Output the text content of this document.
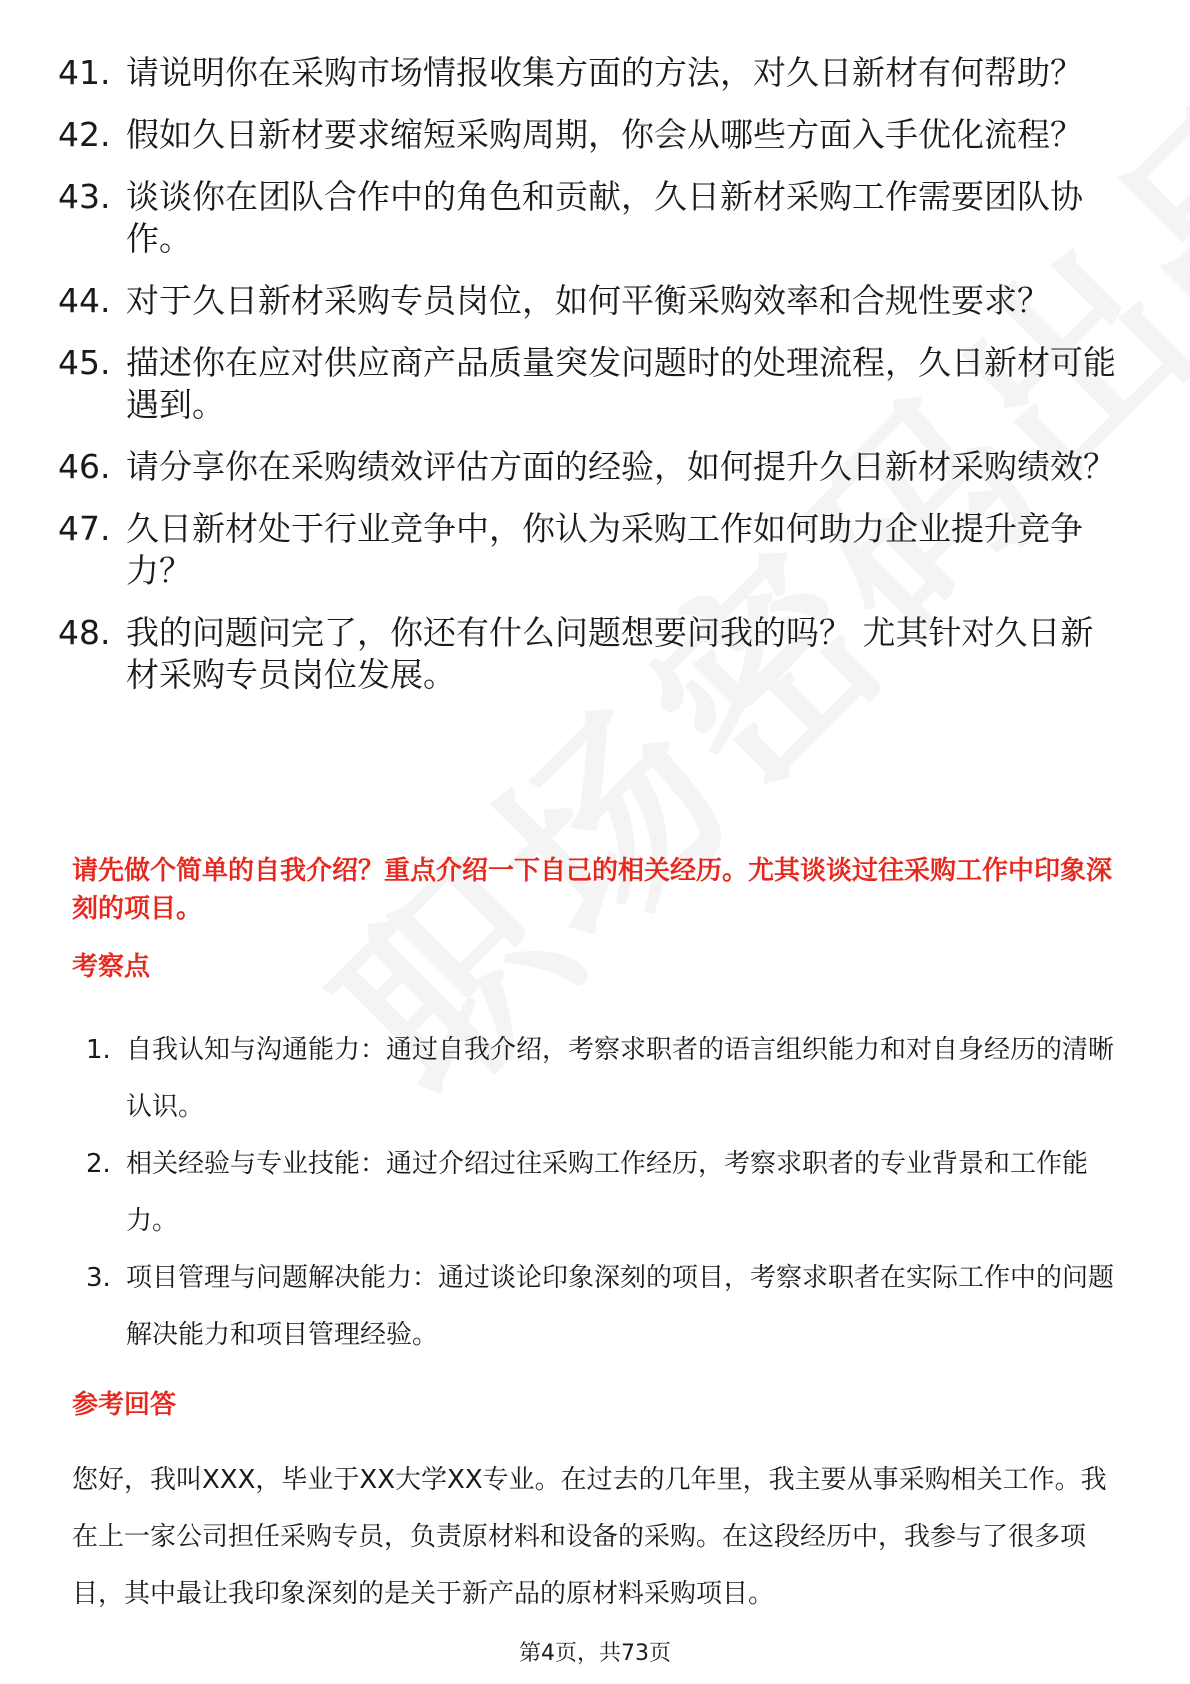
41. 请说明你在采购市场情报收集方面的方法，对久日新材有何帮助？
42. 假如久日新材要求缩短采购周期，你会从哪些方面入手优化流程？
43. 谈谈你在团队合作中的角色和贡献，久日新材采购工作需要团队协作。
44. 对于久日新材采购专员岗位，如何平衡采购效率和合规性要求？
45. 描述你在应对供应商产品质量突发问题时的处理流程，久日新材可能遇到。
46. 请分享你在采购绩效评估方面的经验，如何提升久日新材采购绩效？
47. 久日新材处于行业竞争中，你认为采购工作如何助力企业提升竞争力？
48. 我的问题问完了，你还有什么问题想要问我的吗？ 尤其针对久日新材采购专员岗位发展。
请先做个简单的自我介绍？重点介绍一下自己的相关经历。尤其谈谈过往采购工作中印象深刻的项目。
考察点
1. 自我认知与沟通能力：通过自我介绍，考察求职者的语言组织能力和对自身经历的清晰认识。
2. 相关经验与专业技能：通过介绍过往采购工作经历，考察求职者的专业背景和工作能力。
3. 项目管理与问题解决能力：通过谈论印象深刻的项目，考察求职者在实际工作中的问题解决能力和项目管理经验。
参考回答
您好，我叫XXX，毕业于XX大学XX专业。在过去的几年里，我主要从事采购相关工作。我在上一家公司担任采购专员，负责原材料和设备的采购。在这段经历中，我参与了很多项目，其中最让我印象深刻的是关于新产品的原材料采购项目。
第4页，共73页
